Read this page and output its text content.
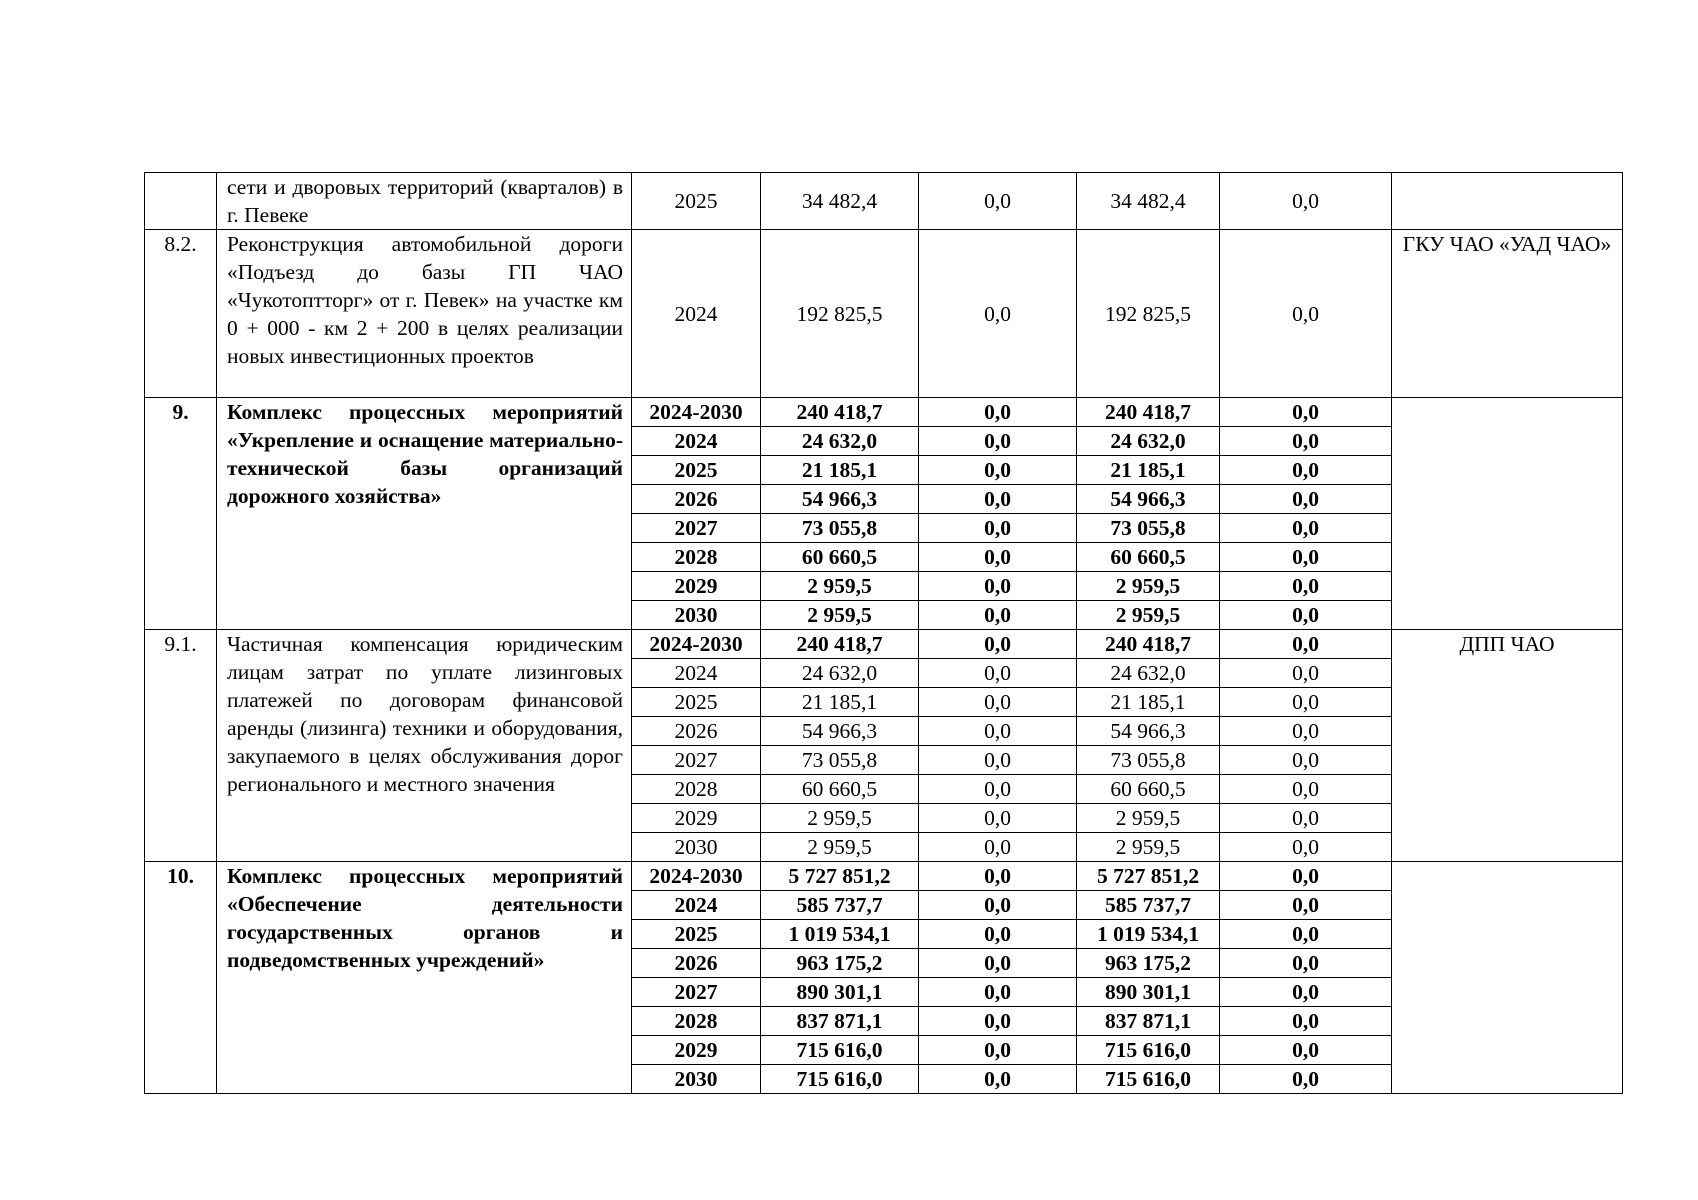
	сети и дворовых территорий (кварталов) в г. Певеке	2025	34 482,4	0,0	34 482,4	0,0	
8.2.	Реконструкция автомобильной дороги «Подъезд до базы ГП ЧАО «Чукотоптторг» от г. Певек» на участке км 0 + 000 - км 2 + 200 в целях реализации новых инвестиционных проектов	2024	192 825,5	0,0	192 825,5	0,0	ГКУ ЧАО «УАД ЧАО»
9.	Комплекс процессных мероприятий «Укрепление и оснащение материально-технической базы организаций дорожного хозяйства»	2024-2030	240 418,7	0,0	240 418,7	0,0	
		2024	24 632,0	0,0	24 632,0	0,0	
		2025	21 185,1	0,0	21 185,1	0,0	
		2026	54 966,3	0,0	54 966,3	0,0	
		2027	73 055,8	0,0	73 055,8	0,0	
		2028	60 660,5	0,0	60 660,5	0,0	
		2029	2 959,5	0,0	2 959,5	0,0	
		2030	2 959,5	0,0	2 959,5	0,0	
9.1.	Частичная компенсация юридическим лицам затрат по уплате лизинговых платежей по договорам финансовой аренды (лизинга) техники и оборудования, закупаемого в целях обслуживания дорог регионального и местного значения	2024-2030	240 418,7	0,0	240 418,7	0,0	ДПП ЧАО
		2024	24 632,0	0,0	24 632,0	0,0	
		2025	21 185,1	0,0	21 185,1	0,0	
		2026	54 966,3	0,0	54 966,3	0,0	
		2027	73 055,8	0,0	73 055,8	0,0	
		2028	60 660,5	0,0	60 660,5	0,0	
		2029	2 959,5	0,0	2 959,5	0,0	
		2030	2 959,5	0,0	2 959,5	0,0	
10.	Комплекс процессных мероприятий «Обеспечение деятельности государственных органов и подведомственных учреждений»	2024-2030	5 727 851,2	0,0	5 727 851,2	0,0	
		2024	585 737,7	0,0	585 737,7	0,0	
		2025	1 019 534,1	0,0	1 019 534,1	0,0	
		2026	963 175,2	0,0	963 175,2	0,0	
		2027	890 301,1	0,0	890 301,1	0,0	
		2028	837 871,1	0,0	837 871,1	0,0	
		2029	715 616,0	0,0	715 616,0	0,0	
		2030	715 616,0	0,0	715 616,0	0,0	
